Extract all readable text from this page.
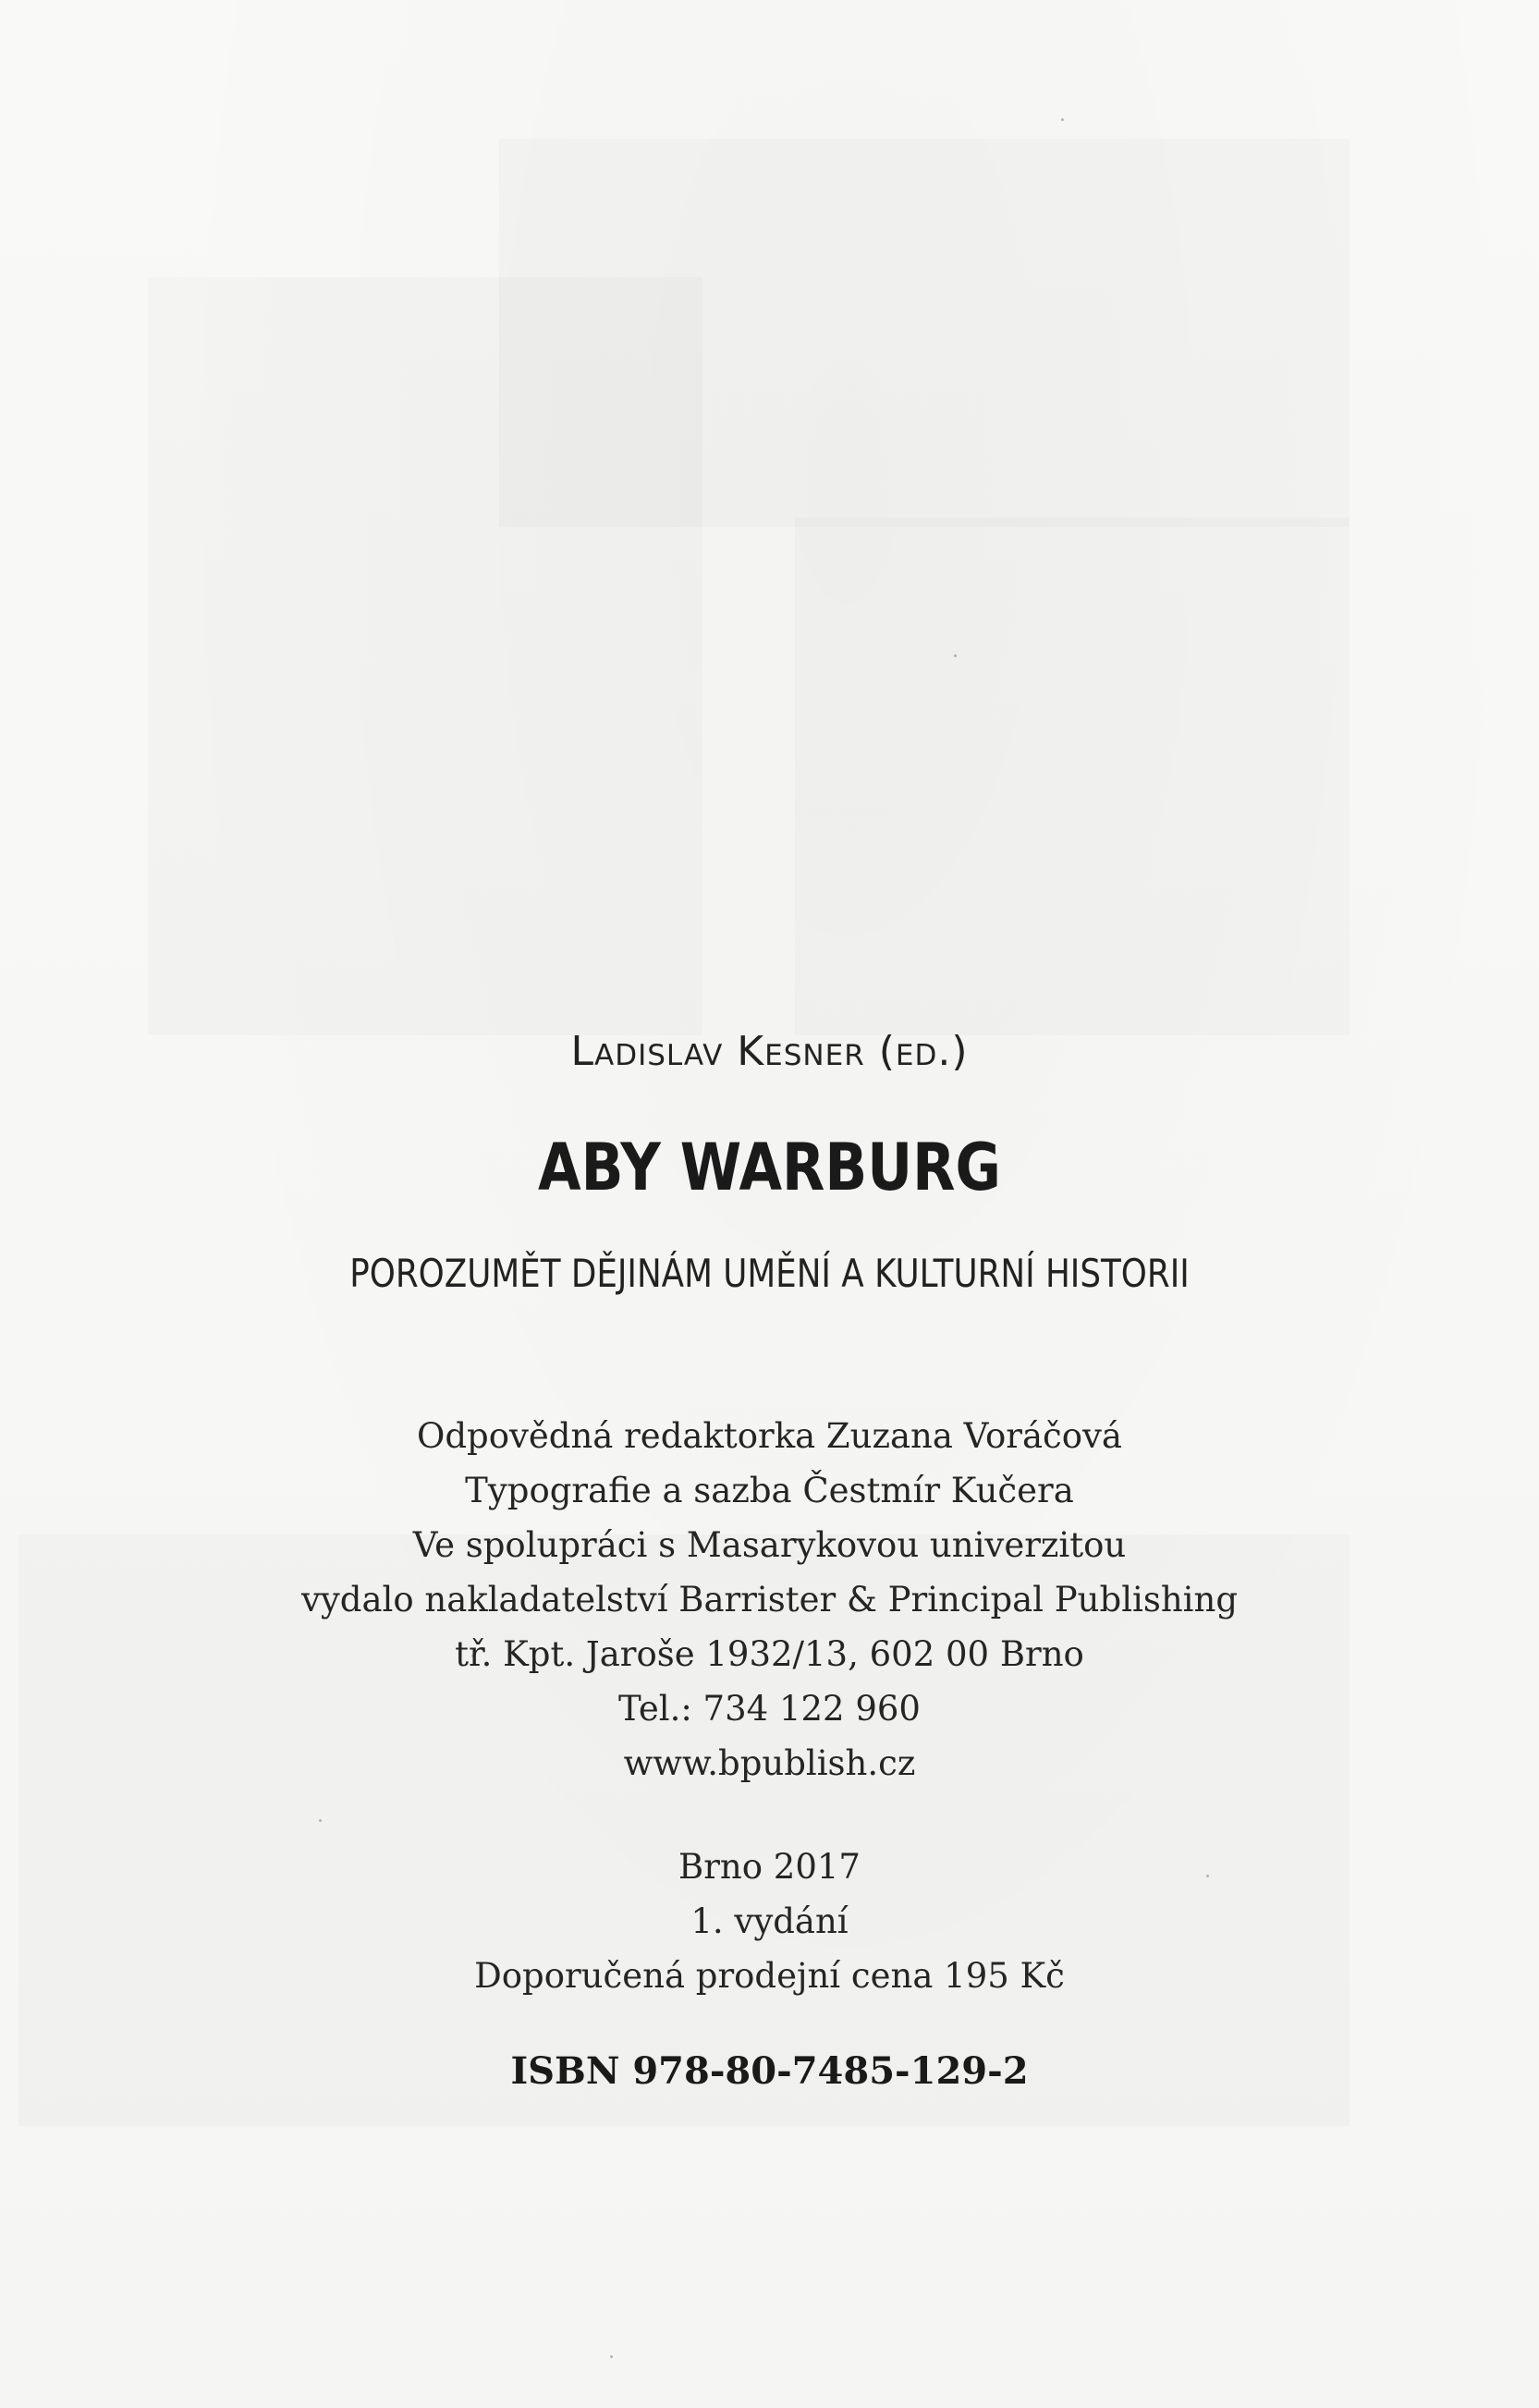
Ladislav Kesner (ed.)
ABY WARBURG
POROZUMĚT DĚJINÁM UMĚNÍ A KULTURNÍ HISTORII
Odpovědná redaktorka Zuzana Voráčová
Typografie a sazba Čestmír Kučera
Ve spolupráci s Masarykovou univerzitou
vydalo nakladatelství Barrister & Principal Publishing
tř. Kpt. Jaroše 1932/13, 602 00 Brno
Tel.: 734 122 960
www.bpublish.cz
Brno 2017
1. vydání
Doporučená prodejní cena 195 Kč
ISBN 978-80-7485-129-2
